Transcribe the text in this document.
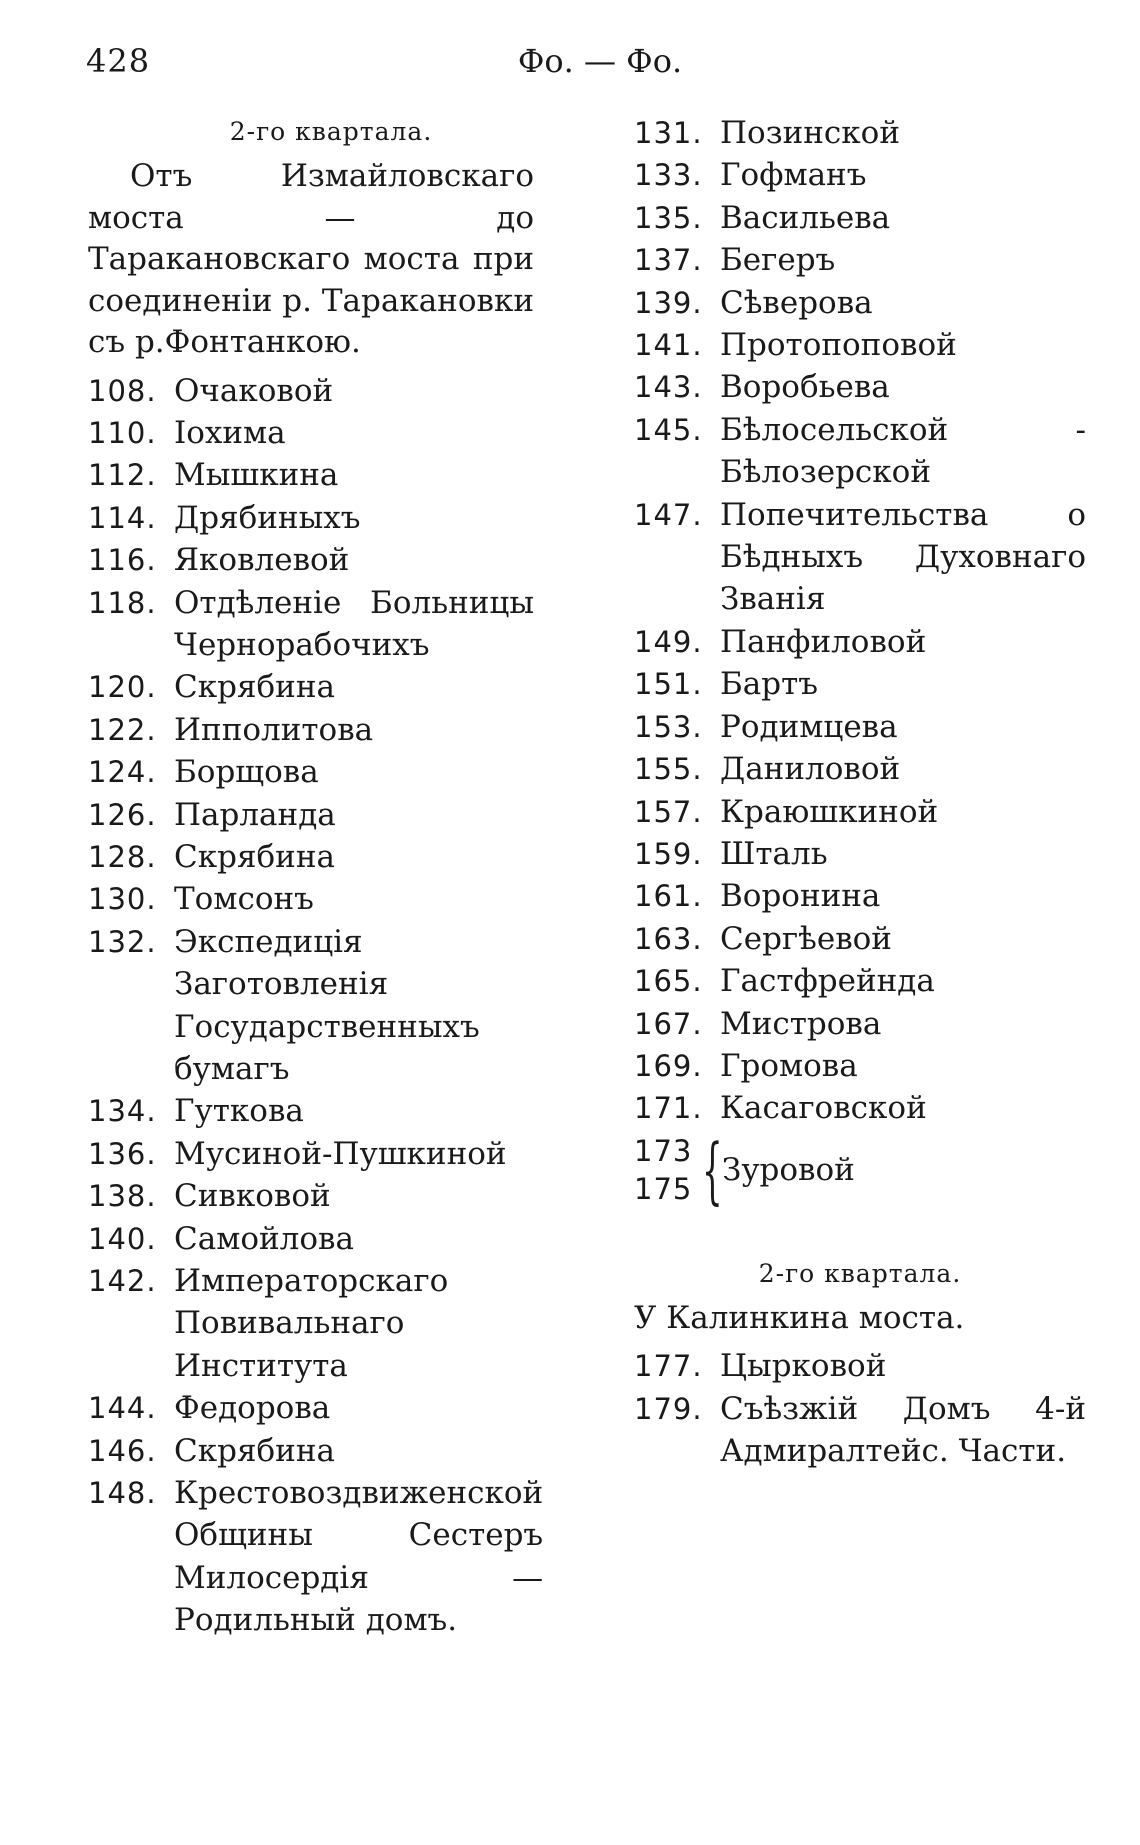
428	Фо. — Фо.
2-го квартала.
Отъ Измайловскаго моста — до Таракановскаго моста при соединеніи р. Таракановки съ р.Фонтанкою.
108. Очаковой
110. Іохима
112. Мышкина
114. Дрябиныхъ
116. Яковлевой
118. Отдѣленіе Больницы Чернорабочихъ
120. Скрябина
122. Ипполитова
124. Борщова
126. Парланда
128. Скрябина
130. Томсонъ
132. Экспедиція Заготовленія Государственныхъ бумагъ
134. Гуткова
136. Мусиной-Пушкиной
138. Сивковой
140. Самойлова
142. Императорскаго Повивальнаго Института
144. Федорова
146. Скрябина
148. Крестовоздвиженской Общины Сестеръ Милосердія — Родильный домъ.
131. Позинской
133. Гофманъ
135. Васильева
137. Бегеръ
139. Сѣверова
141. Протопоповой
143. Воробьева
145. Бѣлосельской - Бѣлозерской
147. Попечительства о Бѣдныхъ Духовнаго Званія
149. Панфиловой
151. Бартъ
153. Родимцева
155. Даниловой
157. Краюшкиной
159. Шталь
161. Воронина
163. Сергѣевой
165. Гастфрейнда
167. Мистрова
169. Громова
171. Касаговской
173
175 { Зуровой
2-го квартала.
У Калинкина моста.
177. Цырковой
179. Съѣзжій Домъ 4-й Адмиралтейс. Части.
